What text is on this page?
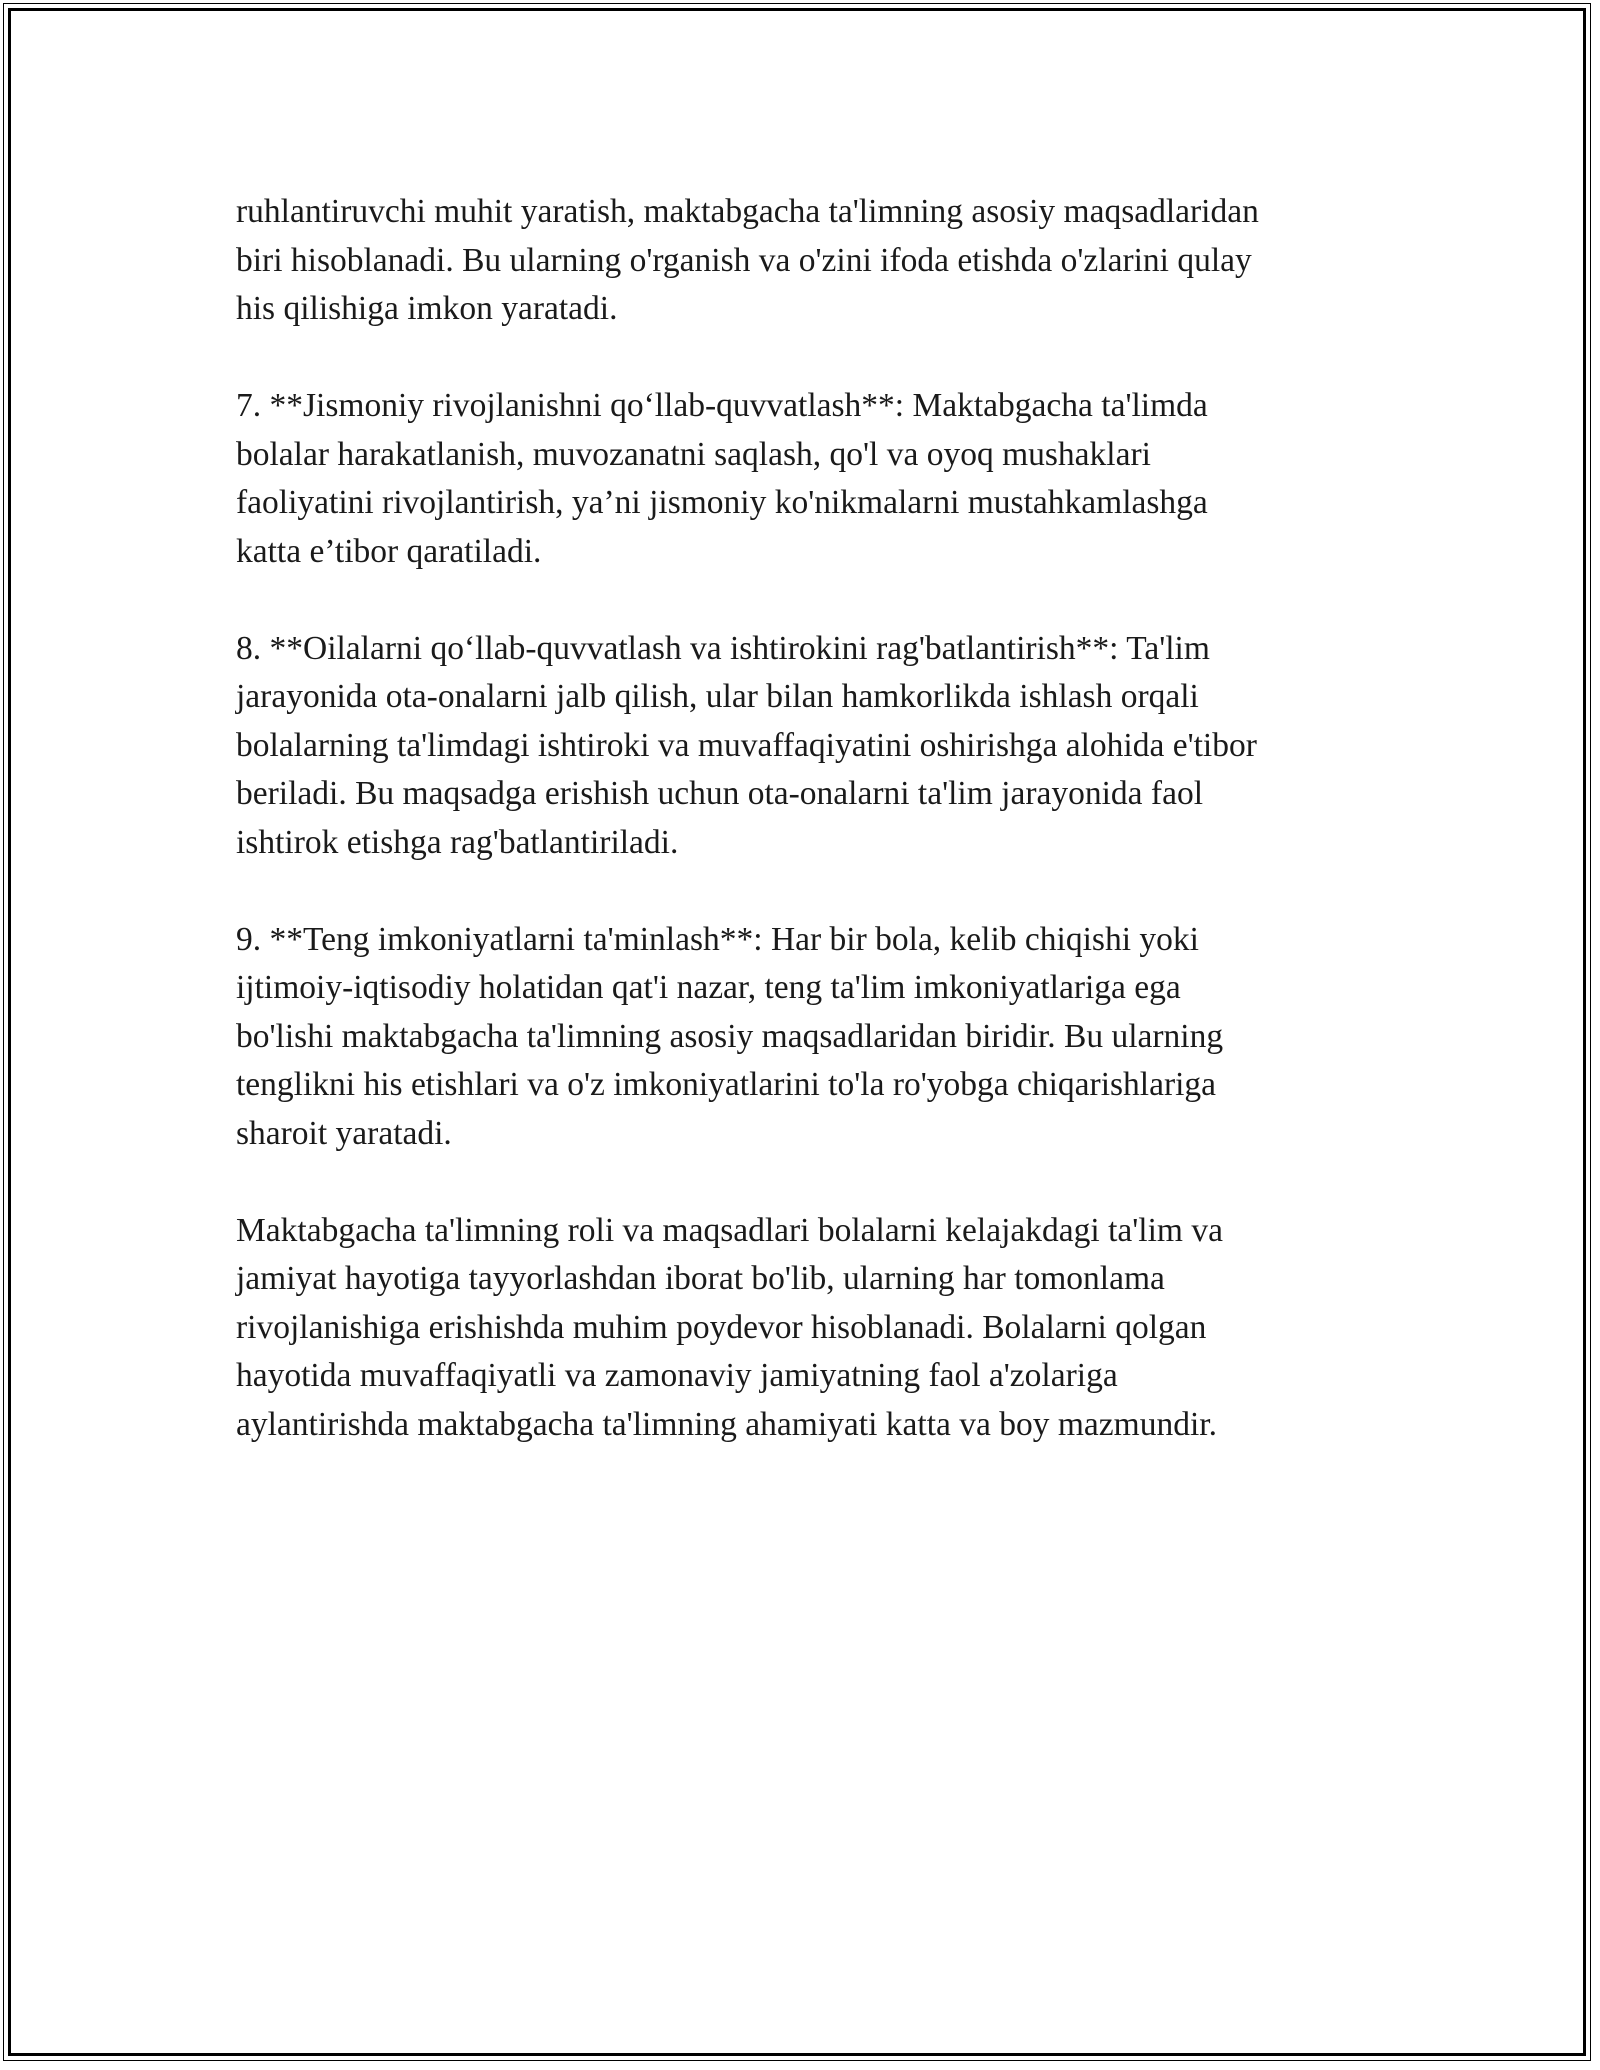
ruhlantiruvchi muhit yaratish, maktabgacha ta'limning asosiy maqsadlaridan
biri hisoblanadi. Bu ularning o'rganish va o'zini ifoda etishda o'zlarini qulay
his qilishiga imkon yaratadi.

7. **Jismoniy rivojlanishni qo‘llab-quvvatlash**: Maktabgacha ta'limda
bolalar harakatlanish, muvozanatni saqlash, qo'l va oyoq mushaklari
faoliyatini rivojlantirish, ya’ni jismoniy ko'nikmalarni mustahkamlashga
katta e’tibor qaratiladi.

8. **Oilalarni qo‘llab-quvvatlash va ishtirokini rag'batlantirish**: Ta'lim
jarayonida ota-onalarni jalb qilish, ular bilan hamkorlikda ishlash orqali
bolalarning ta'limdagi ishtiroki va muvaffaqiyatini oshirishga alohida e'tibor
beriladi. Bu maqsadga erishish uchun ota-onalarni ta'lim jarayonida faol
ishtirok etishga rag'batlantiriladi.

9. **Teng imkoniyatlarni ta'minlash**: Har bir bola, kelib chiqishi yoki
ijtimoiy-iqtisodiy holatidan qat'i nazar, teng ta'lim imkoniyatlariga ega
bo'lishi maktabgacha ta'limning asosiy maqsadlaridan biridir. Bu ularning
tenglikni his etishlari va o'z imkoniyatlarini to'la ro'yobga chiqarishlariga
sharoit yaratadi.

Maktabgacha ta'limning roli va maqsadlari bolalarni kelajakdagi ta'lim va
jamiyat hayotiga tayyorlashdan iborat bo'lib, ularning har tomonlama
rivojlanishiga erishishda muhim poydevor hisoblanadi. Bolalarni qolgan
hayotida muvaffaqiyatli va zamonaviy jamiyatning faol a'zolariga
aylantirishda maktabgacha ta'limning ahamiyati katta va boy mazmundir.
